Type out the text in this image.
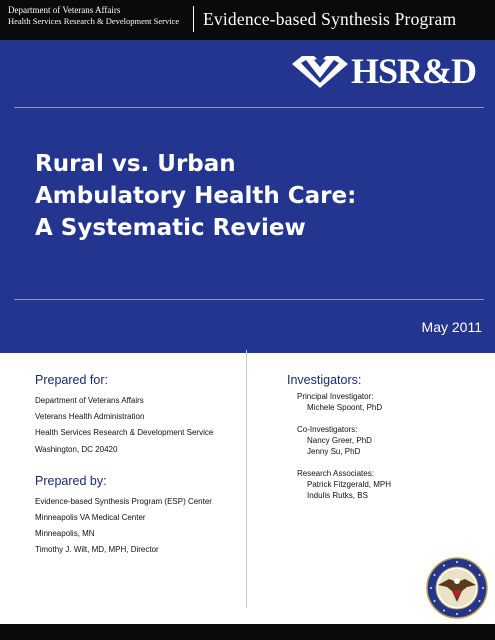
Department of Veterans Affairs
Health Services Research & Development Service Evidence-based Synthesis Program
HSR&D
Rural vs. Urban
Ambulatory Health Care:
A Systematic Review
May 2011
Prepared for:
Department of Veterans Affairs
Veterans Health Administration
Health Services Research & Development Service
Washington, DC 20420
Prepared by:
Evidence-based Synthesis Program (ESP) Center
Minneapolis VA Medical Center
Minneapolis, MN
Timothy J. Wilt, MD, MPH, Director
Investigators:
Principal Investigator:
Michele Spoont, PhD
Co-Investigators:
Nancy Greer, PhD
Jenny Su, PhD
Research Associates:
Patrick Fitzgerald, MPH
Indulis Rutks, BS
